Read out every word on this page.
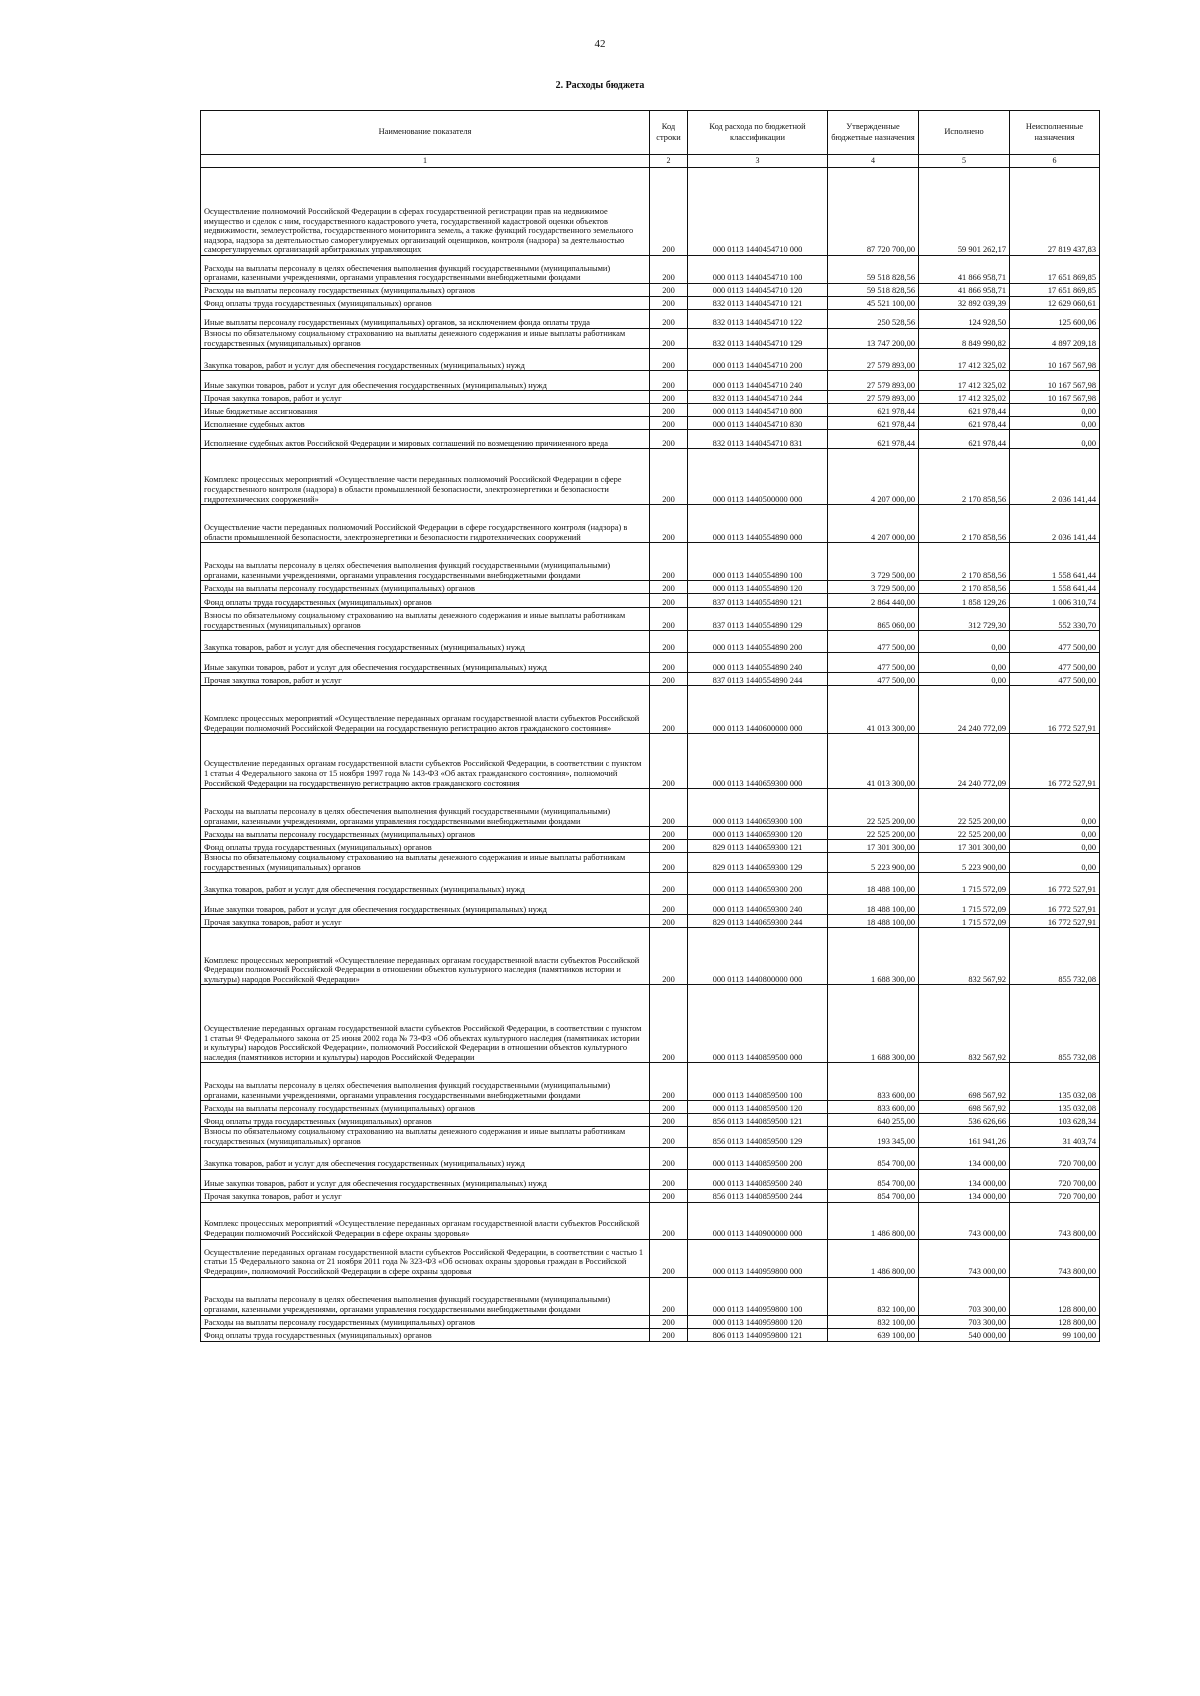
42
2. Расходы бюджета
Наименование показателя	Код строки	Код расхода по бюджетной классификации	Утвержденные бюджетные назначения	Исполнено	Неисполненные назначения
1	2	3	4	5	6
Осуществление полномочий Российской Федерации в сферах государственной регистрации прав на недвижимое имущество и сделок с ним, государственного кадастрового учета, государственной кадастровой оценки объектов недвижимости, землеустройства, государственного мониторинга земель, а также функций государственного земельного надзора, надзора за деятельностью саморегулируемых организаций оценщиков, контроля (надзора) за деятельностью саморегулируемых организаций арбитражных управляющих	200	000 0113 1440454710 000	87 720 700,00	59 901 262,17	27 819 437,83
Расходы на выплаты персоналу в целях обеспечения выполнения функций государственными (муниципальными) органами, казенными учреждениями, органами управления государственными внебюджетными фондами	200	000 0113 1440454710 100	59 518 828,56	41 866 958,71	17 651 869,85
Расходы на выплаты персоналу государственных (муниципальных) органов	200	000 0113 1440454710 120	59 518 828,56	41 866 958,71	17 651 869,85
Фонд оплаты труда государственных (муниципальных) органов	200	832 0113 1440454710 121	45 521 100,00	32 892 039,39	12 629 060,61
Иные выплаты персоналу государственных (муниципальных) органов, за исключением фонда оплаты труда	200	832 0113 1440454710 122	250 528,56	124 928,50	125 600,06
Взносы по обязательному социальному страхованию на выплаты денежного содержания и иные выплаты работникам государственных (муниципальных) органов	200	832 0113 1440454710 129	13 747 200,00	8 849 990,82	4 897 209,18
Закупка товаров, работ и услуг для обеспечения государственных (муниципальных) нужд	200	000 0113 1440454710 200	27 579 893,00	17 412 325,02	10 167 567,98
Иные закупки товаров, работ и услуг для обеспечения государственных (муниципальных) нужд	200	000 0113 1440454710 240	27 579 893,00	17 412 325,02	10 167 567,98
Прочая закупка товаров, работ и услуг	200	832 0113 1440454710 244	27 579 893,00	17 412 325,02	10 167 567,98
Иные бюджетные ассигнования	200	000 0113 1440454710 800	621 978,44	621 978,44	0,00
Исполнение судебных актов	200	000 0113 1440454710 830	621 978,44	621 978,44	0,00
Исполнение судебных актов Российской Федерации и мировых соглашений по возмещению причиненного вреда	200	832 0113 1440454710 831	621 978,44	621 978,44	0,00
Комплекс процессных мероприятий «Осуществление части переданных полномочий Российской Федерации в сфере государственного контроля (надзора) в области промышленной безопасности, электроэнергетики и безопасности гидротехнических сооружений»	200	000 0113 1440500000 000	4 207 000,00	2 170 858,56	2 036 141,44
Осуществление части переданных полномочий Российской Федерации в сфере государственного контроля (надзора) в области промышленной безопасности, электроэнергетики и безопасности гидротехнических сооружений	200	000 0113 1440554890 000	4 207 000,00	2 170 858,56	2 036 141,44
Расходы на выплаты персоналу в целях обеспечения выполнения функций государственными (муниципальными) органами, казенными учреждениями, органами управления государственными внебюджетными фондами	200	000 0113 1440554890 100	3 729 500,00	2 170 858,56	1 558 641,44
Расходы на выплаты персоналу государственных (муниципальных) органов	200	000 0113 1440554890 120	3 729 500,00	2 170 858,56	1 558 641,44
Фонд оплаты труда государственных (муниципальных) органов	200	837 0113 1440554890 121	2 864 440,00	1 858 129,26	1 006 310,74
Взносы по обязательному социальному страхованию на выплаты денежного содержания и иные выплаты работникам государственных (муниципальных) органов	200	837 0113 1440554890 129	865 060,00	312 729,30	552 330,70
Закупка товаров, работ и услуг для обеспечения государственных (муниципальных) нужд	200	000 0113 1440554890 200	477 500,00	0,00	477 500,00
Иные закупки товаров, работ и услуг для обеспечения государственных (муниципальных) нужд	200	000 0113 1440554890 240	477 500,00	0,00	477 500,00
Прочая закупка товаров, работ и услуг	200	837 0113 1440554890 244	477 500,00	0,00	477 500,00
Комплекс процессных мероприятий «Осуществление переданных органам государственной власти субъектов Российской Федерации полномочий Российской Федерации на государственную регистрацию актов гражданского состояния»	200	000 0113 1440600000 000	41 013 300,00	24 240 772,09	16 772 527,91
Осуществление переданных органам государственной власти субъектов Российской Федерации, в соответствии с пунктом 1 статьи 4 Федерального закона от 15 ноября 1997 года № 143-ФЗ «Об актах гражданского состояния», полномочий Российской Федерации на государственную регистрацию актов гражданского состояния	200	000 0113 1440659300 000	41 013 300,00	24 240 772,09	16 772 527,91
Расходы на выплаты персоналу в целях обеспечения выполнения функций государственными (муниципальными) органами, казенными учреждениями, органами управления государственными внебюджетными фондами	200	000 0113 1440659300 100	22 525 200,00	22 525 200,00	0,00
Расходы на выплаты персоналу государственных (муниципальных) органов	200	000 0113 1440659300 120	22 525 200,00	22 525 200,00	0,00
Фонд оплаты труда государственных (муниципальных) органов	200	829 0113 1440659300 121	17 301 300,00	17 301 300,00	0,00
Взносы по обязательному социальному страхованию на выплаты денежного содержания и иные выплаты работникам государственных (муниципальных) органов	200	829 0113 1440659300 129	5 223 900,00	5 223 900,00	0,00
Закупка товаров, работ и услуг для обеспечения государственных (муниципальных) нужд	200	000 0113 1440659300 200	18 488 100,00	1 715 572,09	16 772 527,91
Иные закупки товаров, работ и услуг для обеспечения государственных (муниципальных) нужд	200	000 0113 1440659300 240	18 488 100,00	1 715 572,09	16 772 527,91
Прочая закупка товаров, работ и услуг	200	829 0113 1440659300 244	18 488 100,00	1 715 572,09	16 772 527,91
Комплекс процессных мероприятий «Осуществление переданных органам государственной власти субъектов Российской Федерации полномочий Российской Федерации в отношении объектов культурного наследия (памятников истории и культуры) народов Российской Федерации»	200	000 0113 1440800000 000	1 688 300,00	832 567,92	855 732,08
Осуществление переданных органам государственной власти субъектов Российской Федерации, в соответствии с пунктом 1 статьи 9¹ Федерального закона от 25 июня 2002 года № 73-ФЗ «Об объектах культурного наследия (памятниках истории и культуры) народов Российской Федерации», полномочий Российской Федерации в отношении объектов культурного наследия (памятников истории и культуры) народов Российской Федерации	200	000 0113 1440859500 000	1 688 300,00	832 567,92	855 732,08
Расходы на выплаты персоналу в целях обеспечения выполнения функций государственными (муниципальными) органами, казенными учреждениями, органами управления государственными внебюджетными фондами	200	000 0113 1440859500 100	833 600,00	698 567,92	135 032,08
Расходы на выплаты персоналу государственных (муниципальных) органов	200	000 0113 1440859500 120	833 600,00	698 567,92	135 032,08
Фонд оплаты труда государственных (муниципальных) органов	200	856 0113 1440859500 121	640 255,00	536 626,66	103 628,34
Взносы по обязательному социальному страхованию на выплаты денежного содержания и иные выплаты работникам государственных (муниципальных) органов	200	856 0113 1440859500 129	193 345,00	161 941,26	31 403,74
Закупка товаров, работ и услуг для обеспечения государственных (муниципальных) нужд	200	000 0113 1440859500 200	854 700,00	134 000,00	720 700,00
Иные закупки товаров, работ и услуг для обеспечения государственных (муниципальных) нужд	200	000 0113 1440859500 240	854 700,00	134 000,00	720 700,00
Прочая закупка товаров, работ и услуг	200	856 0113 1440859500 244	854 700,00	134 000,00	720 700,00
Комплекс процессных мероприятий «Осуществление переданных органам государственной власти субъектов Российской Федерации полномочий Российской Федерации в сфере охраны здоровья»	200	000 0113 1440900000 000	1 486 800,00	743 000,00	743 800,00
Осуществление переданных органам государственной власти субъектов Российской Федерации, в соответствии с частью 1 статьи 15 Федерального закона от 21 ноября 2011 года № 323-ФЗ «Об основах охраны здоровья граждан в Российской Федерации», полномочий Российской Федерации в сфере охраны здоровья	200	000 0113 1440959800 000	1 486 800,00	743 000,00	743 800,00
Расходы на выплаты персоналу в целях обеспечения выполнения функций государственными (муниципальными) органами, казенными учреждениями, органами управления государственными внебюджетными фондами	200	000 0113 1440959800 100	832 100,00	703 300,00	128 800,00
Расходы на выплаты персоналу государственных (муниципальных) органов	200	000 0113 1440959800 120	832 100,00	703 300,00	128 800,00
Фонд оплаты труда государственных (муниципальных) органов	200	806 0113 1440959800 121	639 100,00	540 000,00	99 100,00
